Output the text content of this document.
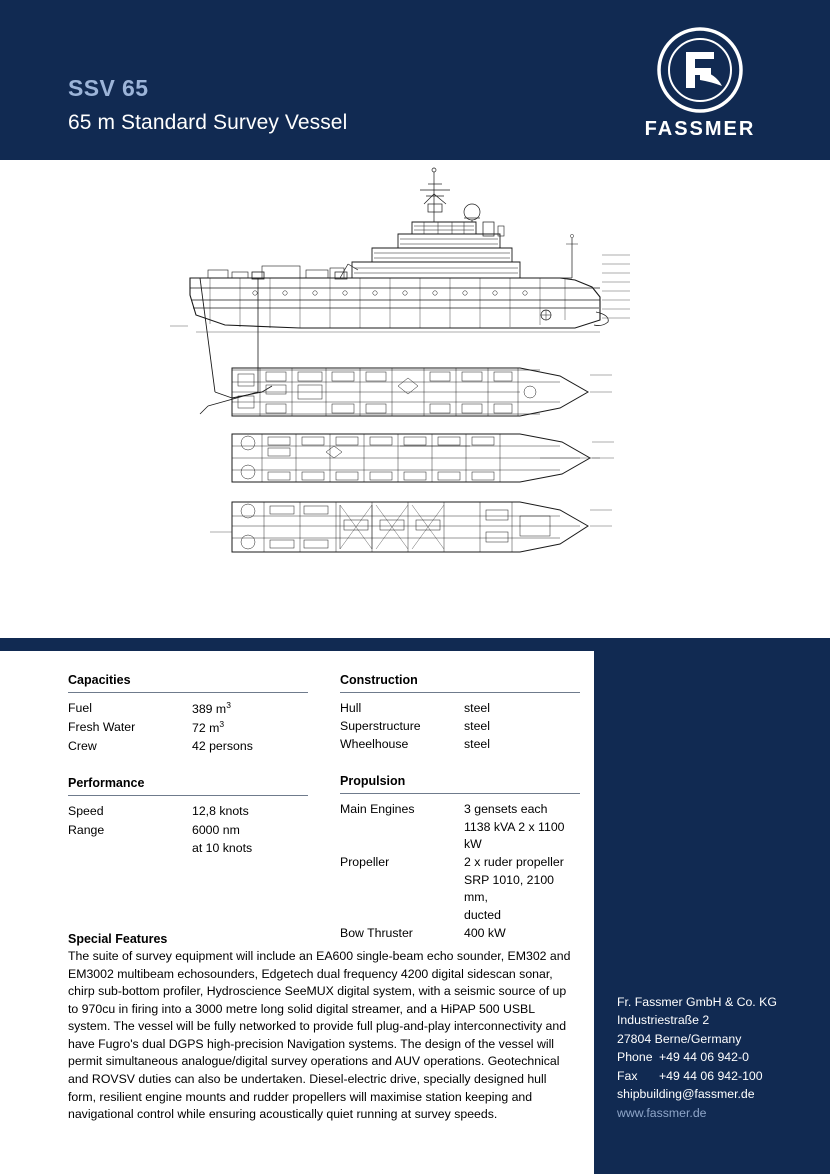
SSV 65
65 m Standard Survey Vessel	FASSMER
Capacities
Fuel	389 $m^3$
Fresh Water	72 $m^3$
Crew	42 persons
Performance
Speed	12,8 knots
Range	6000 nm
	at 10 knots
Construction
Hull	steel
Superstructure	steel
Wheelhouse	steel
Propulsion
Main Engines	3 gensets each
	1138 kVA 2 x 1100 kW
Propeller	2 x ruder propeller
	SRP 1010, 2100 mm,
	ducted
Bow Thruster	400 kW
Special Features
The suite of survey equipment will include an EA600 single-beam echo sounder, EM302 and EM3002 multibeam echosounders, Edgetech dual frequency 4200 digital sidescan sonar, chirp sub-bottom profiler, Hydroscience SeeMUX digital system, with a seismic source of up to 970cu in firing into a 3000 metre long solid digital streamer, and a HiPAP 500 USBL system. The vessel will be fully networked to provide full plug-and-play interconnectivity and have Fugro's dual DGPS high-precision Navigation systems. The design of the vessel will permit simultaneous analogue/digital survey operations and AUV operations. Geotechnical and ROVSV duties can also be undertaken. Diesel-electric drive, specially designed hull form, resilient engine mounts and rudder propellers will maximise station keeping and navigational control while ensuring acoustically quiet running at survey speeds.
Fr. Fassmer GmbH & Co. KG
Industriestraße 2
27804 Berne/Germany
Phone +49 44 06 942-0
Fax +49 44 06 942-100
shipbuilding@fassmer.de
www.fassmer.de
